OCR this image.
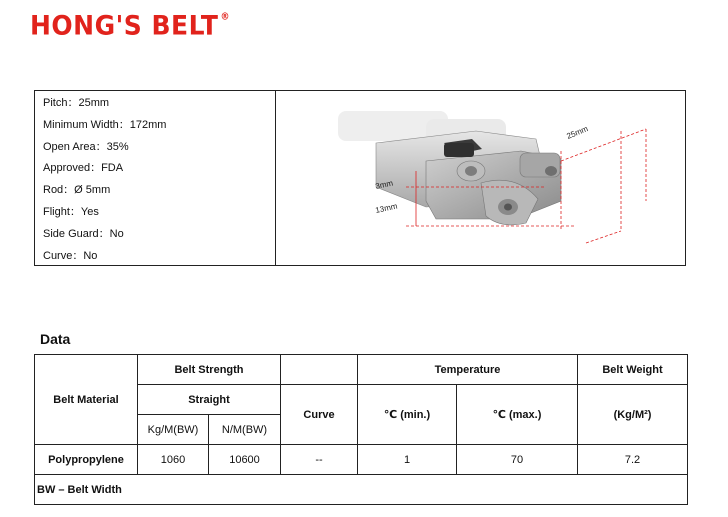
HONG'S BELT ®
Pitch：25mm
Minimum Width：172mm
Open Area：35%
Approved：FDA
Rod：Ø 5mm
Flight：Yes
Side Guard：No
Curve：No
3mm
13mm
25mm
Data
Belt Material	Belt Strength			Temperature		Belt Weight
	Straight		Curve	℃ (min.)	℃ (max.)	(Kg/M²)
	Kg/M(BW)	N/M(BW)				
Polypropylene	1060	10600	--	1	70	7.2
BW – Belt Width						
